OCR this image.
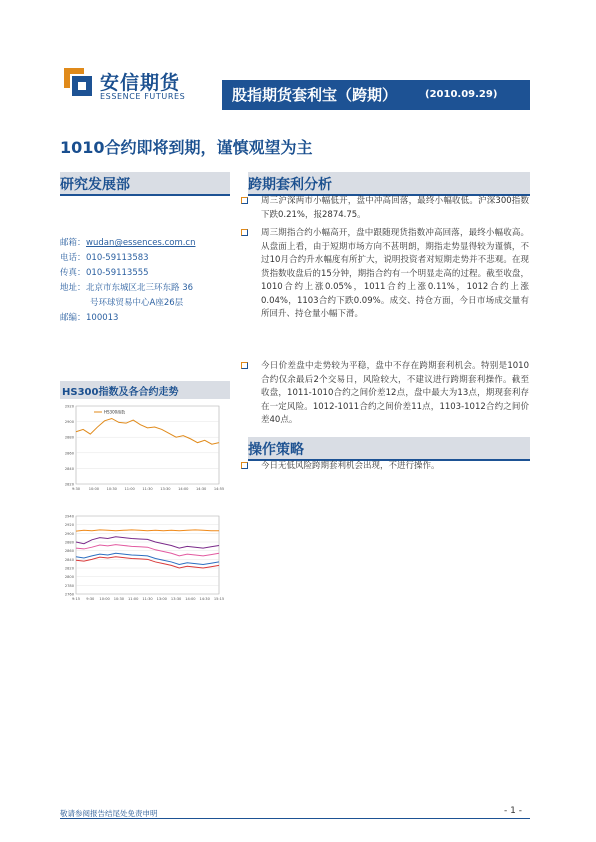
安信期货
ESSENCE FUTURES	股指期货套利宝（跨期）	(2010.09.29)
1010合约即将到期，谨慎观望为主
研究发展部
邮箱： wudan@essences.com.cn
电话： 010-59113583
传真： 010-59113555
地址： 北京市东城区北三环东路 36
号环球贸易中心A座26层
邮编： 100013
跨期套利分析

周三沪深两市小幅低开，盘中冲高回落，最终小幅收低。沪深300指数下跌0.21%，报2874.75。

周三期指合约小幅高开，盘中跟随现货指数冲高回落，最终小幅收高。从盘面上看，由于短期市场方向不甚明朗，期指走势显得较为谨慎，不过10月合约升水幅度有所扩大，说明投资者对短期走势并不悲观。在现货指数收盘后的15分钟，期指合约有一个明显走高的过程。截至收盘，1010合约上涨0.05%，1011合约上涨0.11%，1012合约上涨0.04%，1103合约下跌0.09%。成交、持仓方面，今日市场成交量有所回升、持仓量小幅下滑。

今日价差盘中走势较为平稳，盘中不存在跨期套利机会。特别是1010合约仅余最后2个交易日，风险较大，不建议进行跨期套利操作。截至收盘，1011-1010合约之间价差12点，盘中最大为13点，期现套利存在一定风险。1012-1011合约之间价差11点，1103-1012合约之间价差40点。

操作策略

今日无低风险跨期套利机会出现，不进行操作。

HS300指数及各合约走势
2820
2840
2860
2880
2900
2920
9:30 10:00 10:30 11:00 11:30 13:30 14:00 14:30 14:55
HS300指数
2760
2780
2800
2820
2840
2860
2880
2900
2920
2940
9:15 9:30 10:00 10:30 11:00 11:30 13:00 13:30 14:00 14:30 15:15
敬请参阅报告结尾处免责申明	- 1 -
